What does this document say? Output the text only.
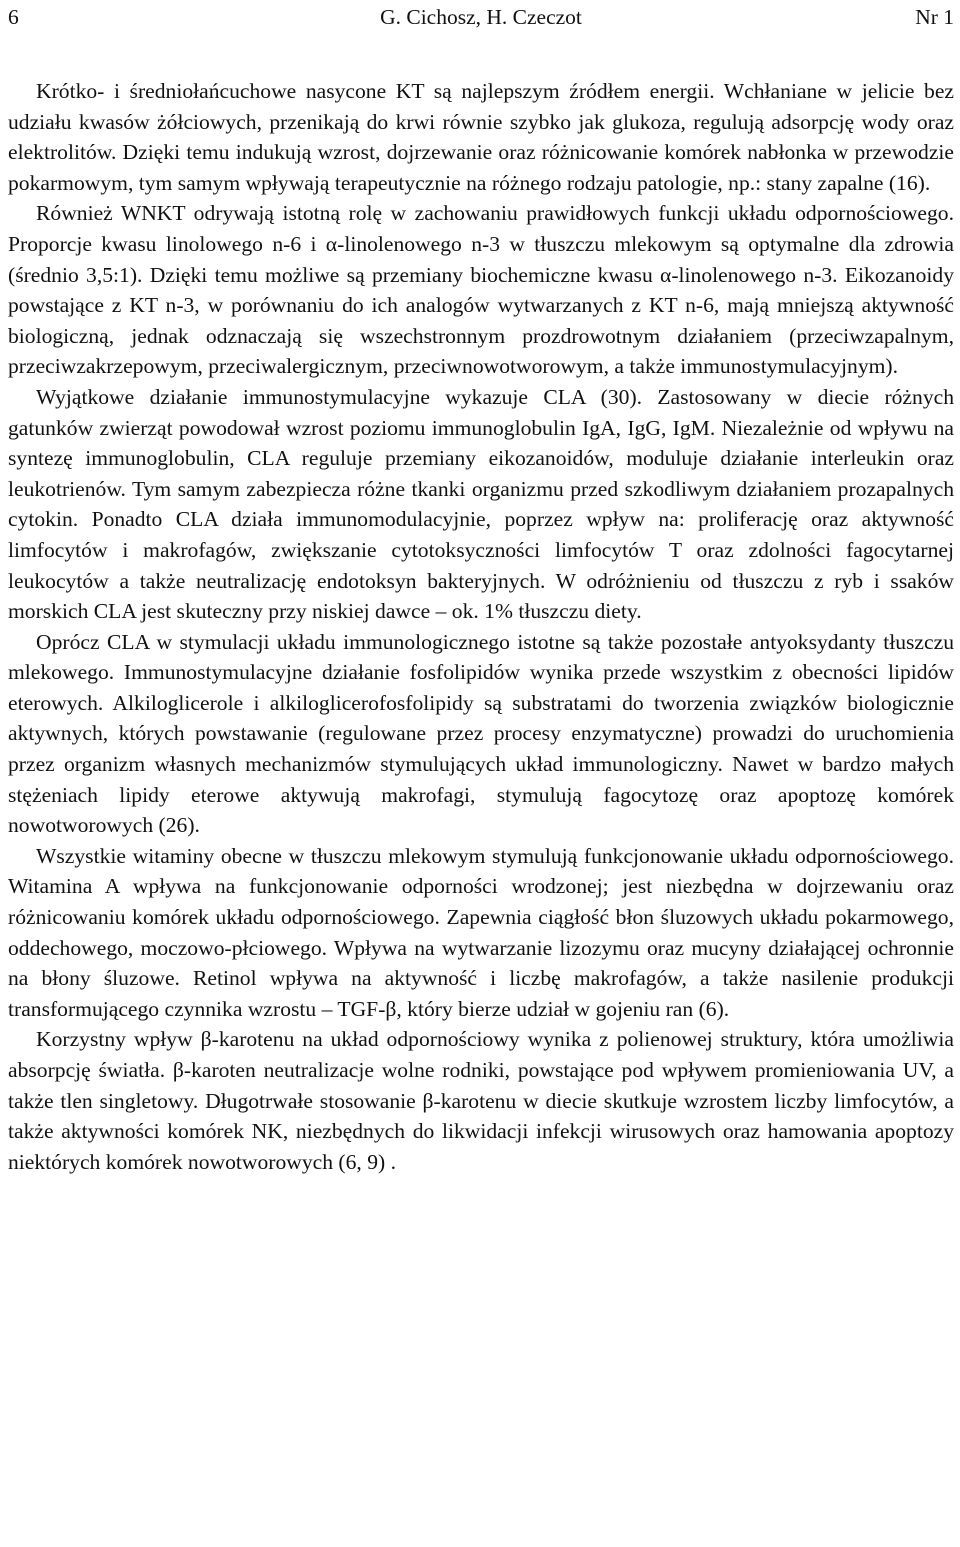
6	G. Cichosz, H. Czeczot	Nr 1

Krótko- i średniołańcuchowe nasycone KT są najlepszym źródłem energii. Wchłaniane w jelicie bez udziału kwasów żółciowych, przenikają do krwi równie szybko jak glukoza, regulują adsorpcję wody oraz elektrolitów. Dzięki temu indukują wzrost, dojrzewanie oraz różnicowanie komórek nabłonka w przewodzie pokarmowym, tym samym wpływają terapeutycznie na różnego rodzaju patologie, np.: stany zapalne (16).

Również WNKT odrywają istotną rolę w zachowaniu prawidłowych funkcji układu odpornościowego. Proporcje kwasu linolowego n-6 i α-linolenowego n-3 w tłuszczu mlekowym są optymalne dla zdrowia (średnio 3,5:1). Dzięki temu możliwe są przemiany biochemiczne kwasu α-linolenowego n-3. Eikozanoidy powstające z KT n-3, w porównaniu do ich analogów wytwarzanych z KT n-6, mają mniejszą aktywność biologiczną, jednak odznaczają się wszechstronnym prozdrowotnym działaniem (przeciwzapalnym, przeciwzakrzepowym, przeciwalergicznym, przeciwnowotworowym, a także immunostymulacyjnym).

Wyjątkowe działanie immunostymulacyjne wykazuje CLA (30). Zastosowany w diecie różnych gatunków zwierząt powodował wzrost poziomu immunoglobulin IgA, IgG, IgM. Niezależnie od wpływu na syntezę immunoglobulin, CLA reguluje przemiany eikozanoidów, moduluje działanie interleukin oraz leukotrienów. Tym samym zabezpiecza różne tkanki organizmu przed szkodliwym działaniem prozapalnych cytokin. Ponadto CLA działa immunomodulacyjnie, poprzez wpływ na: proliferację oraz aktywność limfocytów i makrofagów, zwiększanie cytotoksyczności limfocytów T oraz zdolności fagocytarnej leukocytów a także neutralizację endotoksyn bakteryjnych. W odróżnieniu od tłuszczu z ryb i ssaków morskich CLA jest skuteczny przy niskiej dawce – ok. 1% tłuszczu diety.

Oprócz CLA w stymulacji układu immunologicznego istotne są także pozostałe antyoksydanty tłuszczu mlekowego. Immunostymulacyjne działanie fosfolipidów wynika przede wszystkim z obecności lipidów eterowych. Alkiloglicerole i alkiloglicerofosfolipidy są substratami do tworzenia związków biologicznie aktywnych, których powstawanie (regulowane przez procesy enzymatyczne) prowadzi do uruchomienia przez organizm własnych mechanizmów stymulujących układ immunologiczny. Nawet w bardzo małych stężeniach lipidy eterowe aktywują makrofagi, stymulują fagocytozę oraz apoptozę komórek nowotworowych (26).

Wszystkie witaminy obecne w tłuszczu mlekowym stymulują funkcjonowanie układu odpornościowego. Witamina A wpływa na funkcjonowanie odporności wrodzonej; jest niezbędna w dojrzewaniu oraz różnicowaniu komórek układu odpornościowego. Zapewnia ciągłość błon śluzowych układu pokarmowego, oddechowego, moczowo-płciowego. Wpływa na wytwarzanie lizozymu oraz mucyny działającej ochronnie na błony śluzowe. Retinol wpływa na aktywność i liczbę makrofagów, a także nasilenie produkcji transformującego czynnika wzrostu – TGF-β, który bierze udział w gojeniu ran (6).

Korzystny wpływ β-karotenu na układ odpornościowy wynika z polienowej struktury, która umożliwia absorpcję światła. β-karoten neutralizacje wolne rodniki, powstające pod wpływem promieniowania UV, a także tlen singletowy. Długotrwałe stosowanie β-karotenu w diecie skutkuje wzrostem liczby limfocytów, a także aktywności komórek NK, niezbędnych do likwidacji infekcji wirusowych oraz hamowania apoptozy niektórych komórek nowotworowych (6, 9) .
